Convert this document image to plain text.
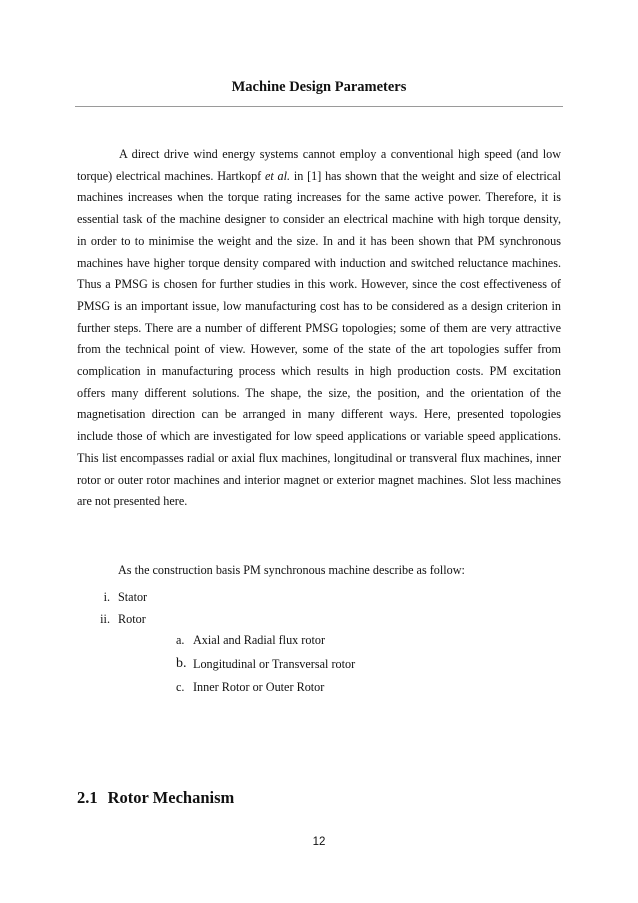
Machine Design Parameters

A direct drive wind energy systems cannot employ a conventional high speed (and low torque) electrical machines. Hartkopf et al. in [1] has shown that the weight and size of electrical machines increases when the torque rating increases for the same active power. Therefore, it is essential task of the machine designer to consider an electrical machine with high torque density, in order to to minimise the weight and the size. In and it has been shown that PM synchronous machines have higher torque density compared with induction and switched reluctance machines. Thus a PMSG is chosen for further studies in this work. However, since the cost effectiveness of PMSG is an important issue, low manufacturing cost has to be considered as a design criterion in further steps. There are a number of different PMSG topologies; some of them are very attractive from the technical point of view. However, some of the state of the art topologies suffer from complication in manufacturing process which results in high production costs. PM excitation offers many different solutions. The shape, the size, the position, and the orientation of the magnetisation direction can be arranged in many different ways. Here, presented topologies include those of which are investigated for low speed applications or variable speed applications. This list encompasses radial or axial flux machines, longitudinal or transveral flux machines, inner rotor or outer rotor machines and interior magnet or exterior magnet machines. Slot less machines are not presented here.

As the construction basis PM synchronous machine describe as follow:
i. Stator
ii. Rotor
a. Axial and Radial flux rotor
b. Longitudinal or Transversal rotor
c. Inner Rotor or Outer Rotor
2.1 Rotor Mechanism
12
